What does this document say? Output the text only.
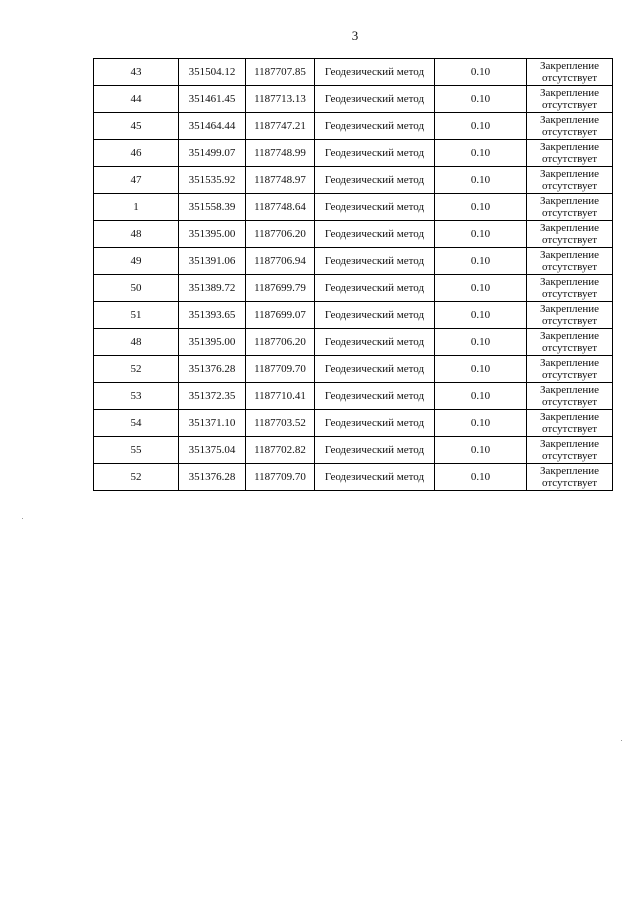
3
43	351504.12	1187707.85	Геодезический метод	0.10	Закрепление
отсутствует

44	351461.45	1187713.13	Геодезический метод	0.10	Закрепление
отсутствует

45	351464.44	1187747.21	Геодезический метод	0.10	Закрепление
отсутствует

46	351499.07	1187748.99	Геодезический метод	0.10	Закрепление
отсутствует

47	351535.92	1187748.97	Геодезический метод	0.10	Закрепление
отсутствует

1	351558.39	1187748.64	Геодезический метод	0.10	Закрепление
отсутствует

48	351395.00	1187706.20	Геодезический метод	0.10	Закрепление
отсутствует

49	351391.06	1187706.94	Геодезический метод	0.10	Закрепление
отсутствует

50	351389.72	1187699.79	Геодезический метод	0.10	Закрепление
отсутствует

51	351393.65	1187699.07	Геодезический метод	0.10	Закрепление
отсутствует

48	351395.00	1187706.20	Геодезический метод	0.10	Закрепление
отсутствует

52	351376.28	1187709.70	Геодезический метод	0.10	Закрепление
отсутствует

53	351372.35	1187710.41	Геодезический метод	0.10	Закрепление
отсутствует

54	351371.10	1187703.52	Геодезический метод	0.10	Закрепление
отсутствует

55	351375.04	1187702.82	Геодезический метод	0.10	Закрепление
отсутствует

52	351376.28	1187709.70	Геодезический метод	0.10	Закрепление
отсутствует
